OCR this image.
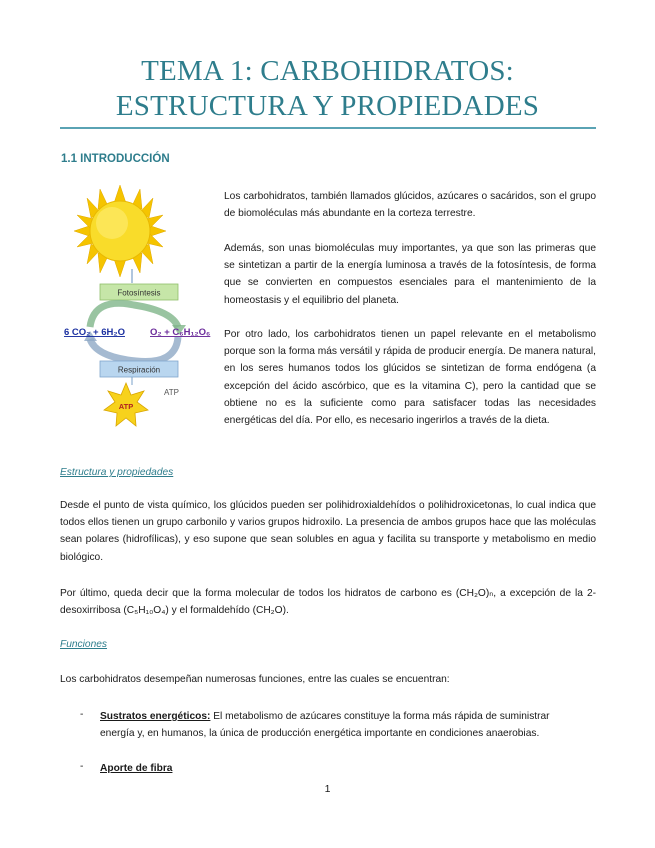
TEMA 1: CARBOHIDRATOS:
ESTRUCTURA Y PROPIEDADES
1.1 INTRODUCCIÓN
Fotosíntesis
6 CO₂ + 6H₂O	O₂ + C₆H₁₂O₆
Respiración
ATP
ATP

Los carbohidratos, también llamados glúcidos, azúcares o sacáridos, son el grupo de biomoléculas más abundante en la corteza terrestre.

Además, son unas biomoléculas muy importantes, ya que son las primeras que se sintetizan a partir de la energía luminosa a través de la fotosíntesis, de forma que se convierten en compuestos esenciales para el mantenimiento de la homeostasis y el equilibrio del planeta.

Por otro lado, los carbohidratos tienen un papel relevante en el metabolismo porque son la forma más versátil y rápida de producir energía. De manera natural, en los seres humanos todos los glúcidos se sintetizan de forma endógena (a excepción del ácido ascórbico, que es la vitamina C), pero la cantidad que se obtiene no es la suficiente como para satisfacer todas las necesidades energéticas del día. Por ello, es necesario ingerirlos a través de la dieta.

Estructura y propiedades

Desde el punto de vista químico, los glúcidos pueden ser polihidroxialdehídos o polihidroxicetonas, lo cual indica que todos ellos tienen un grupo carbonilo y varios grupos hidroxilo. La presencia de ambos grupos hace que las moléculas sean polares (hidrofílicas), y eso supone que sean solubles en agua y facilita su transporte y metabolismo en medio biológico.

Por último, queda decir que la forma molecular de todos los hidratos de carbono es (CH₂O)ₙ, a excepción de la 2-desoxirribosa (C₅H₁₀O₄) y el formaldehído (CH₂O).

Funciones

Los carbohidratos desempeñan numerosas funciones, entre las cuales se encuentran:

- Sustratos energéticos: El metabolismo de azúcares constituye la forma más rápida de suministrar energía y, en humanos, la única de producción energética importante en condiciones anaerobias.

- Aporte de fibra

1
